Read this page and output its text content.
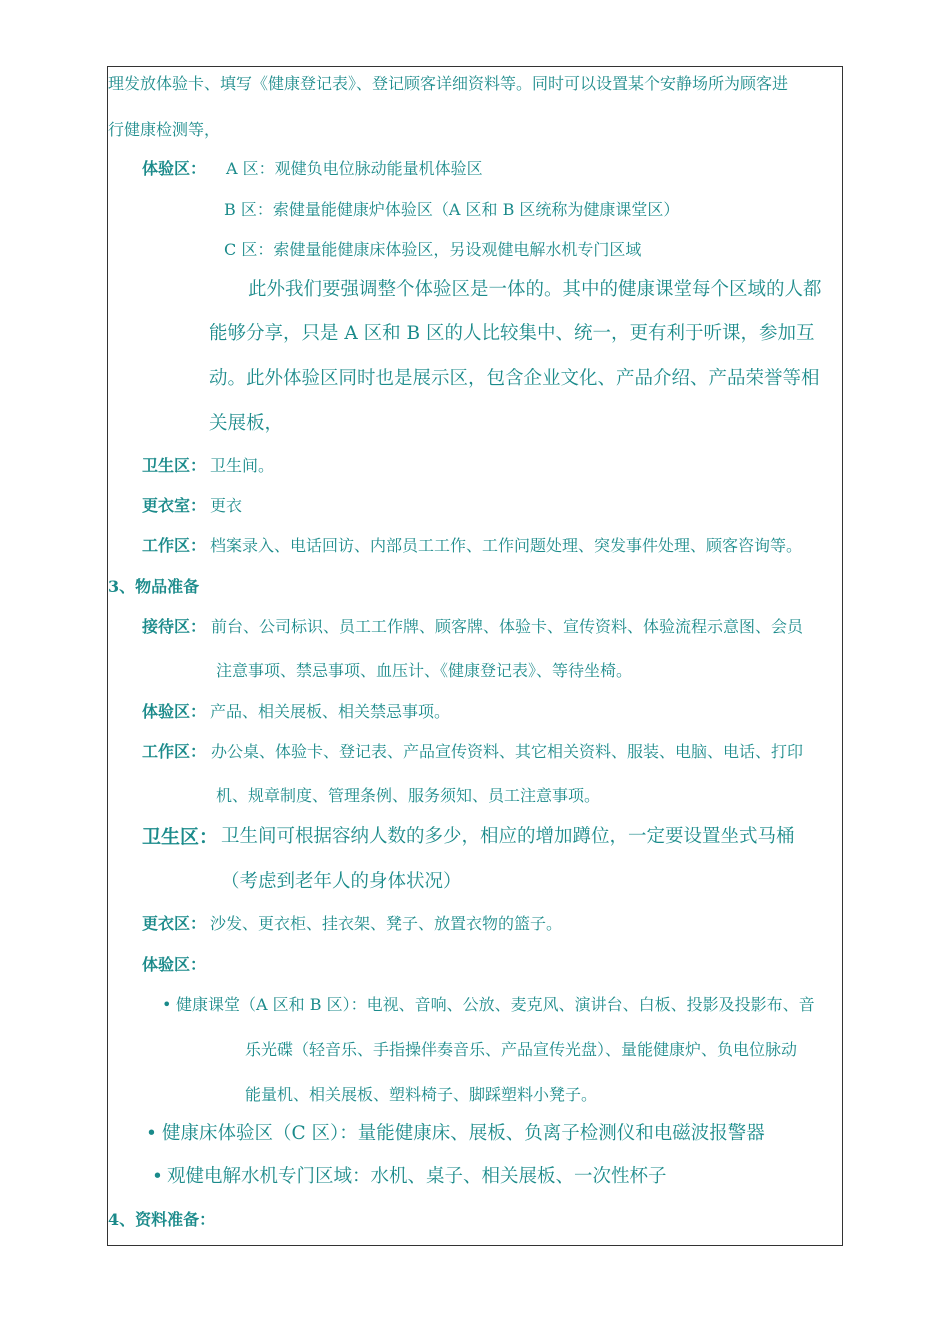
理发放体验卡、填写《健康登记表》、登记顾客详细资料等。同时可以设置某个安静场所为顾客进
行健康检测等，
体验区： A 区：观健负电位脉动能量机体验区
B 区：索健量能健康炉体验区（A 区和 B 区统称为健康课堂区）
C 区：索健量能健康床体验区，另设观健电解水机专门区域
此外我们要强调整个体验区是一体的。其中的健康课堂每个区域的人都
能够分享，只是 A 区和 B 区的人比较集中、统一，更有利于听课，参加互
动。此外体验区同时也是展示区，包含企业文化、产品介绍、产品荣誉等相
关展板，
卫生区： 卫生间。
更衣室： 更衣
工作区： 档案录入、电话回访、内部员工工作、工作问题处理、突发事件处理、顾客咨询等。
3、物品准备
接待区： 前台、公司标识、员工工作牌、顾客牌、体验卡、宣传资料、体验流程示意图、会员
注意事项、禁忌事项、血压计、《健康登记表》、等待坐椅。
体验区： 产品、相关展板、相关禁忌事项。
工作区： 办公桌、体验卡、登记表、产品宣传资料、其它相关资料、服装、电脑、电话、打印
机、规章制度、管理条例、服务须知、员工注意事项。
卫生区： 卫生间可根据容纳人数的多少，相应的增加蹲位，一定要设置坐式马桶
（考虑到老年人的身体状况）
更衣区： 沙发、更衣柜、挂衣架、凳子、放置衣物的篮子。
体验区：
• 健康课堂（A 区和 B 区）：电视、音响、公放、麦克风、演讲台、白板、投影及投影布、音
乐光碟（轻音乐、手指操伴奏音乐、产品宣传光盘）、量能健康炉、负电位脉动
能量机、相关展板、塑料椅子、脚踩塑料小凳子。
• 健康床体验区（C 区）：量能健康床、展板、负离子检测仪和电磁波报警器
• 观健电解水机专门区域：水机、桌子、相关展板、一次性杯子
4、资料准备：
